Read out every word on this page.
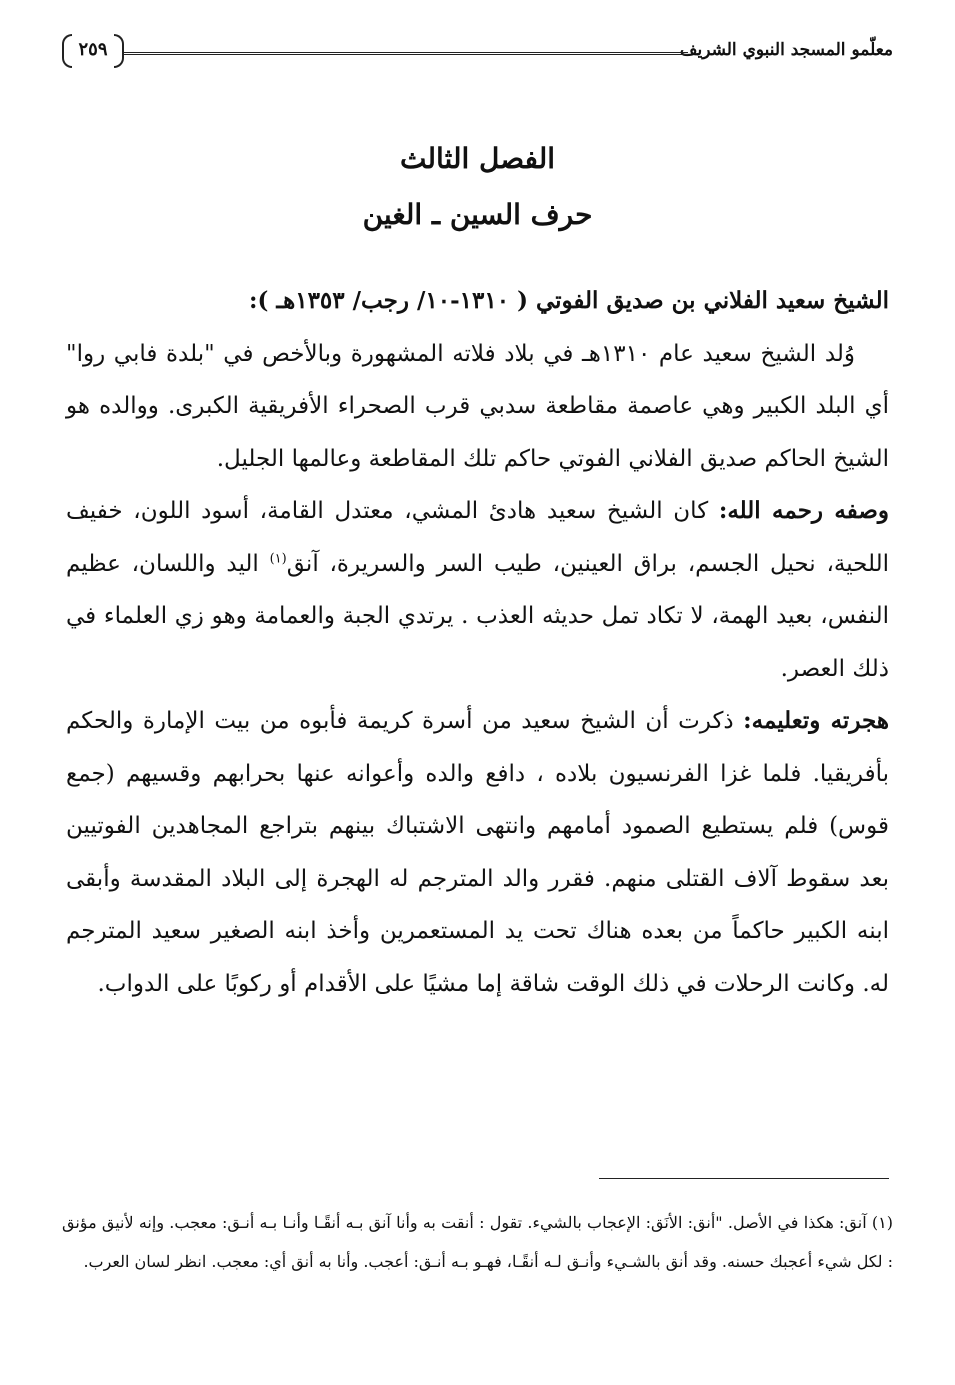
معلّمو المسجد النبوي الشريف
٢٥٩
الفصل الثالث
حرف السين ـ الغين

الشيخ سعيد الفلاني بن صديق الفوتي ( ١٣١٠-١٠/ رجب/ ١٣٥٣هـ ):

وُلد الشيخ سعيد عام ١٣١٠هـ في بلاد فلاته المشهورة وبالأخص في "بلدة فابي روا" أي البلد الكبير وهي عاصمة مقاطعة سدبي قرب الصحراء الأفريقية الكبرى. ووالده هو الشيخ الحاكم صديق الفلاني الفوتي حاكم تلك المقاطعة وعالمها الجليل.

وصفه رحمه الله: كان الشيخ سعيد هادئ المشي، معتدل القامة، أسود اللون، خفيف اللحية، نحيل الجسم، براق العينين، طيب السر والسريرة، آنق$^{(١)}$ اليد واللسان، عظيم النفس، بعيد الهمة، لا تكاد تمل حديثه العذب . يرتدي الجبة والعمامة وهو زي العلماء في ذلك العصر.

هجرته وتعليمه: ذكرت أن الشيخ سعيد من أسرة كريمة فأبوه من بيت الإمارة والحكم بأفريقيا. فلما غزا الفرنسيون بلاده ، دافع والده وأعوانه عنها بحرابهم وقسيهم (جمع قوس) فلم يستطيع الصمود أمامهم وانتهى الاشتباك بينهم بتراجع المجاهدين الفوتيين بعد سقوط آلاف القتلى منهم. فقرر والد المترجم له الهجرة إلى البلاد المقدسة وأبقى ابنه الكبير حاكماً من بعده هناك تحت يد المستعمرين وأخذ ابنه الصغير سعيد المترجم له. وكانت الرحلات في ذلك الوقت شاقة إما مشيًا على الأقدام أو ركوبًا على الدواب.

(١) آنق: هكذا في الأصل. "أنق: الأنَق: الإعجاب بالشيء. تقول : أنقت به وأنا آنق بـه أنقًـا وأنـا بـه أنـق: معجب. وإنه لأنيق مؤنق : لكل شيء أعجبك حسنه. وقد أنق بالشـيء وأنـق لـه أنقًـا، فهـو بـه أنـق: أعجب. وأنا به أنق أي: معجب. انظر لسان العرب.
